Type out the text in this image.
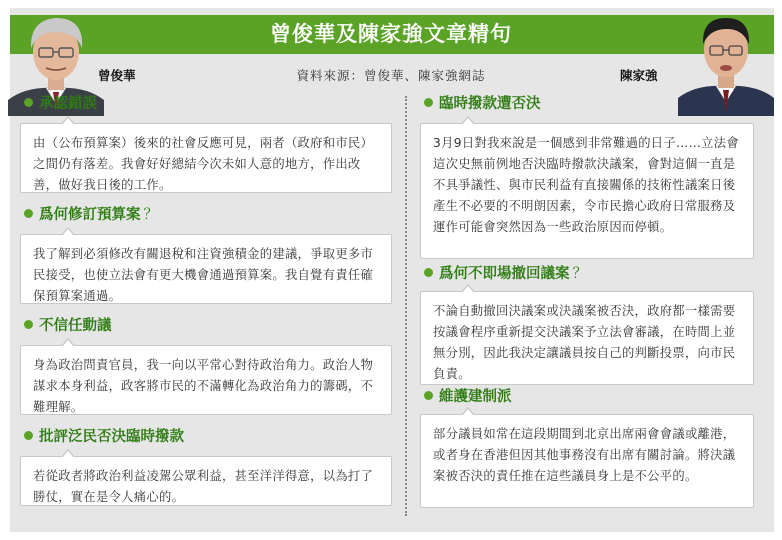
曾俊華及陳家強文章精句
曾俊華	陳家強
資料來源：曾俊華、陳家強網誌
承認錯誤
由（公布預算案）後來的社會反應可見，兩者（政府和市民）之間仍有落差。我會好好總結今次未如人意的地方，作出改善，做好我日後的工作。
爲何修訂預算案 ？
我了解到必須修改有關退稅和注資強積金的建議，爭取更多市民接受，也使立法會有更大機會通過預算案。我自覺有責任確保預算案通過。
不信任動議
身為政治問責官員，我一向以平常心對待政治角力。政治人物謀求本身利益，政客將市民的不滿轉化為政治角力的籌碼，不難理解。
批評泛民否決臨時撥款
若從政者將政治利益凌駕公眾利益，甚至洋洋得意，以為打了勝仗，實在是令人痛心的。
臨時撥款遭否決
3月9日對我來說是一個感到非常難過的日子……立法會這次史無前例地否決臨時撥款決議案，會對這個一直是不具爭議性、與市民利益有直接關係的技術性議案日後產生不必要的不明朗因素，令市民擔心政府日常服務及運作可能會突然因為一些政治原因而停頓。
爲何不即場撤回議案 ？
不論自動撤回決議案或決議案被否決，政府都一樣需要按議會程序重新提交決議案予立法會審議，在時間上並無分別，因此我決定讓議員按自己的判斷投票，向市民負責。
維護建制派
部分議員如常在這段期間到北京出席兩會會議或離港， 或者身在香港但因其他事務沒有出席有關討論。將決議案被否決的責任推在這些議員身上是不公平的。
